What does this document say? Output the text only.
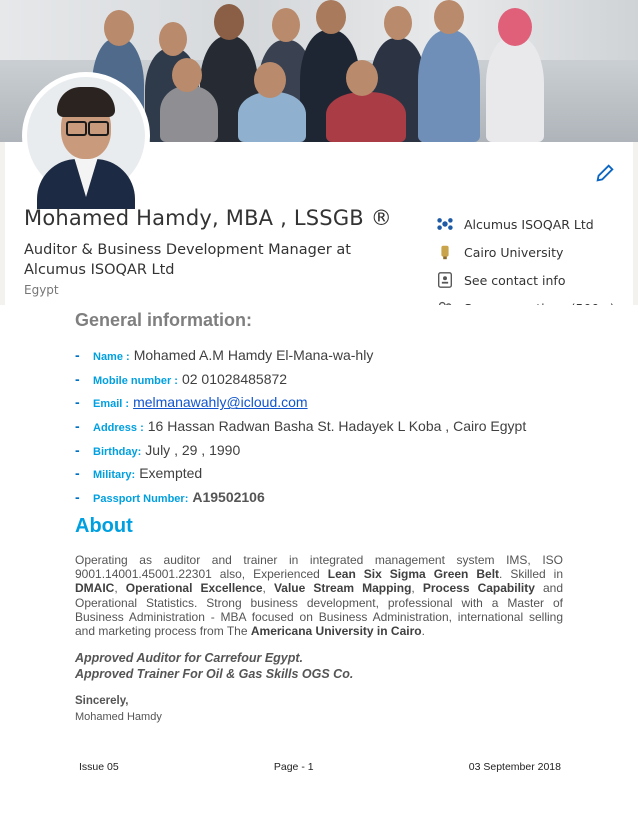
Mohamed Hamdy, MBA , LSSGB ®
Auditor & Business Development Manager at Alcumus ISOQAR Ltd
Egypt
Alcumus ISOQAR Ltd
Cairo University
See contact info
General information:
-	Name : Mohamed A.M Hamdy El-Mana-wa-hly
-	Mobile number : 02 01028485872
-	Email : melmanawahly@icloud.com
-	Address : 16 Hassan Radwan Basha St. Hadayek L Koba , Cairo Egypt
-	Birthday: July , 29 , 1990
-	Military: Exempted
-	Passport Number: A19502106
About
Operating as auditor and trainer in integrated management system IMS, ISO 9001.14001.45001.22301 also, Experienced Lean Six Sigma Green Belt. Skilled in DMAIC, Operational Excellence, Value Stream Mapping, Process Capability and Operational Statistics. Strong business development, professional with a Master of Business Administration - MBA focused on Business Administration, international selling and marketing process from The Americana University in Cairo.
Approved Auditor for Carrefour Egypt.
Approved Trainer For Oil & Gas Skills OGS Co.
Sincerely,
Mohamed Hamdy
Issue 05	Page - 1	03 September 2018
